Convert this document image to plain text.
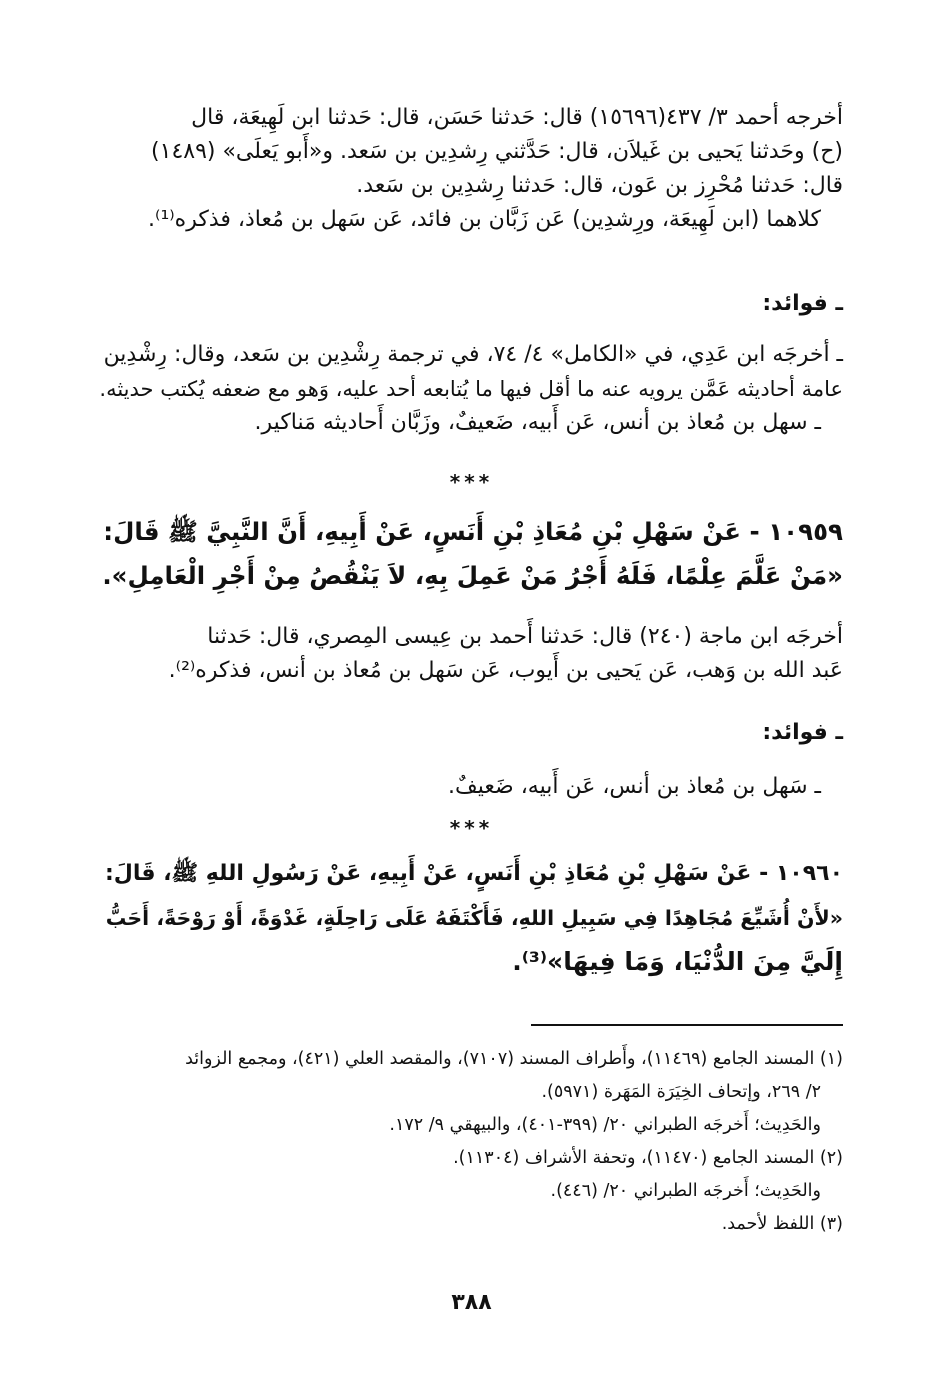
أخرجه أحمد ٣/ ٤٣٧(١٥٦٩٦) قال: حَدثنا حَسَن، قال: حَدثنا ابن لَهِيعَة، قال
(ح) وحَدثنا يَحيى بن غَيلاَن، قال: حَدَّثني رِشدِين بن سَعد. و«أَبو يَعلَى» (١٤٨٩)
قال: حَدثنا مُحْرِز بن عَون، قال: حَدثنا رِشدِين بن سَعد.
كلاهما (ابن لَهِيعَة، ورِشدِين) عَن زَبَّان بن فائد، عَن سَهل بن مُعاذ، فذكره⁽¹⁾.
ـ فوائد:
ـ أخرجَه ابن عَدِي، في «الكامل» ٤/ ٧٤، في ترجمة رِشْدِين بن سَعد، وقال: رِشْدِين
عامة أحاديثه عَمَّن يرويه عنه ما أقل فيها ما يُتابعه أحد عليه، وَهو مع ضعفه يُكتب حديثه.
ـ سهل بن مُعاذ بن أنس، عَن أَبيه، ضَعيفٌ، وزَبَّان أَحاديثه مَناكير.
***
١٠٩٥٩ - عَنْ سَهْلِ بْنِ مُعَاذِ بْنِ أَنَسٍ، عَنْ أَبِيهِ، أَنَّ النَّبِيَّ ﷺ قَالَ:
«مَنْ عَلَّمَ عِلْمًا، فَلَهُ أَجْرُ مَنْ عَمِلَ بِهِ، لاَ يَنْقُصُ مِنْ أَجْرِ الْعَامِلِ».
أخرجَه ابن ماجة (٢٤٠) قال: حَدثنا أَحمد بن عِيسى المِصري، قال: حَدثنا
عَبد الله بن وَهب، عَن يَحيى بن أَيوب، عَن سَهل بن مُعاذ بن أنس، فذكره⁽²⁾.
ـ فوائد:
ـ سَهل بن مُعاذ بن أنس، عَن أَبيه، ضَعيفٌ.
***
١٠٩٦٠ - عَنْ سَهْلِ بْنِ مُعَاذِ بْنِ أَنَسٍ، عَنْ أَبِيهِ، عَنْ رَسُولِ اللهِ ﷺ، قَالَ:
«لأَنْ أُشَيِّعَ مُجَاهِدًا فِي سَبِيلِ اللهِ، فَأَكْتَفَهُ عَلَى رَاحِلَةٍ، غَدْوَةً، أَوْ رَوْحَةً، أَحَبُّ
إِلَيَّ مِنَ الدُّنْيَا، وَمَا فِيهَا»⁽³⁾.
(١) المسند الجامع (١١٤٦٩)، وأَطراف المسند (٧١٠٧)، والمقصد العلي (٤٢١)، ومجمع الزوائد
٢/ ٢٦٩، وإتحاف الخِيَرَة المَهَرة (٥٩٧١).
والحَدِيث؛ أَخرجَه الطبراني ٢٠/ (٣٩٩-٤٠١)، والبيهقي ٩/ ١٧٢.
(٢) المسند الجامع (١١٤٧٠)، وتحفة الأشراف (١١٣٠٤).
والحَدِيث؛ أَخرجَه الطبراني ٢٠/ (٤٤٦).
(٣) اللفظ لأحمد.
٣٨٨
